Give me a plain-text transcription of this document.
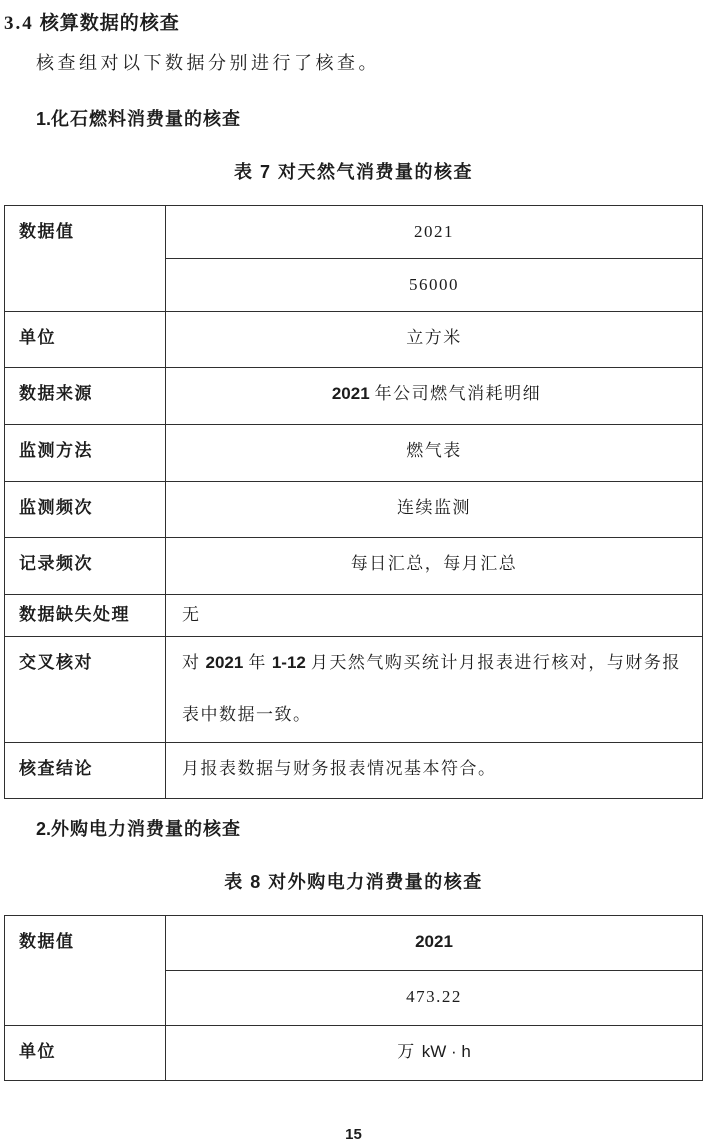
3.4 核算数据的核查
核查组对以下数据分别进行了核查。
1.化石燃料消费量的核查
表 7 对天然气消费量的核查
数据值	2021
	56000
单位	立方米
数据来源	2021 年公司燃气消耗明细
监测方法	燃气表
监测频次	连续监测
记录频次	每日汇总，每月汇总
数据缺失处理	无
交叉核对	对 2021 年 1-12 月天然气购买统计月报表进行核对，与财务报表中数据一致。
核查结论	月报表数据与财务报表情况基本符合。
2.外购电力消费量的核查
表 8 对外购电力消费量的核查
数据值	2021
	473.22
单位	万 kW · h
15
